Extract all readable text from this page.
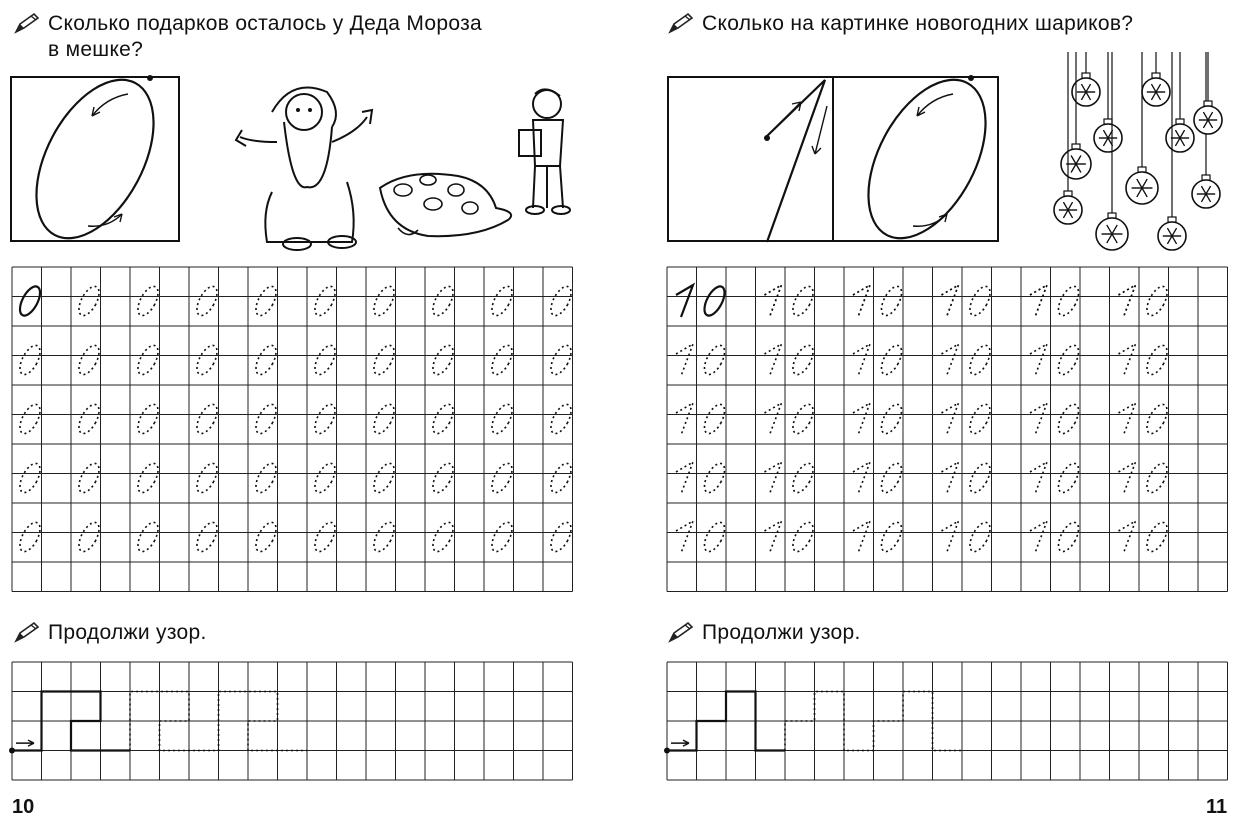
Сколько подарков осталось у Деда Мороза
в мешке?
Продолжи узор.
10
Сколько на картинке новогодних шариков?
Продолжи узор.
11
